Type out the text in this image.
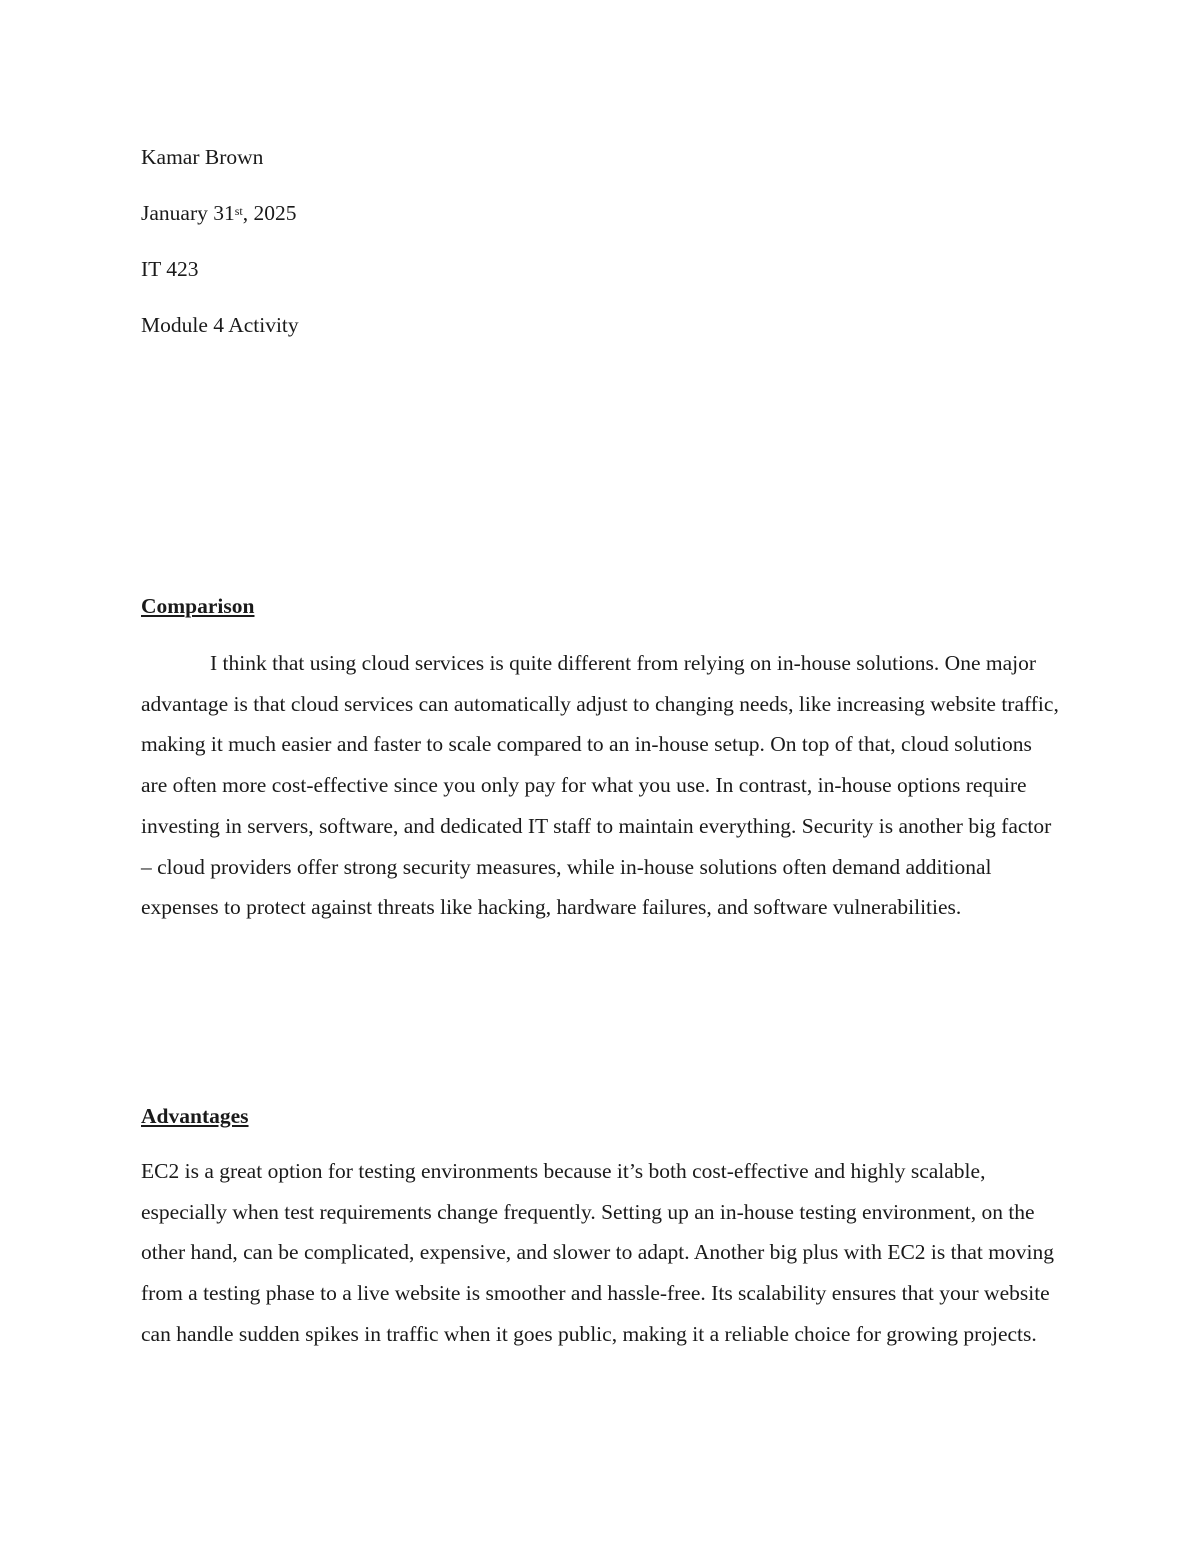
Kamar Brown
January 31st, 2025
IT 423
Module 4 Activity
Comparison

I think that using cloud services is quite different from relying on in-house solutions. One major advantage is that cloud services can automatically adjust to changing needs, like increasing website traffic, making it much easier and faster to scale compared to an in-house setup. On top of that, cloud solutions are often more cost-effective since you only pay for what you use. In contrast, in-house options require investing in servers, software, and dedicated IT staff to maintain everything. Security is another big factor – cloud providers offer strong security measures, while in-house solutions often demand additional expenses to protect against threats like hacking, hardware failures, and software vulnerabilities.

Advantages

EC2 is a great option for testing environments because it’s both cost-effective and highly scalable, especially when test requirements change frequently. Setting up an in-house testing environment, on the other hand, can be complicated, expensive, and slower to adapt. Another big plus with EC2 is that moving from a testing phase to a live website is smoother and hassle-free. Its scalability ensures that your website can handle sudden spikes in traffic when it goes public, making it a reliable choice for growing projects.
